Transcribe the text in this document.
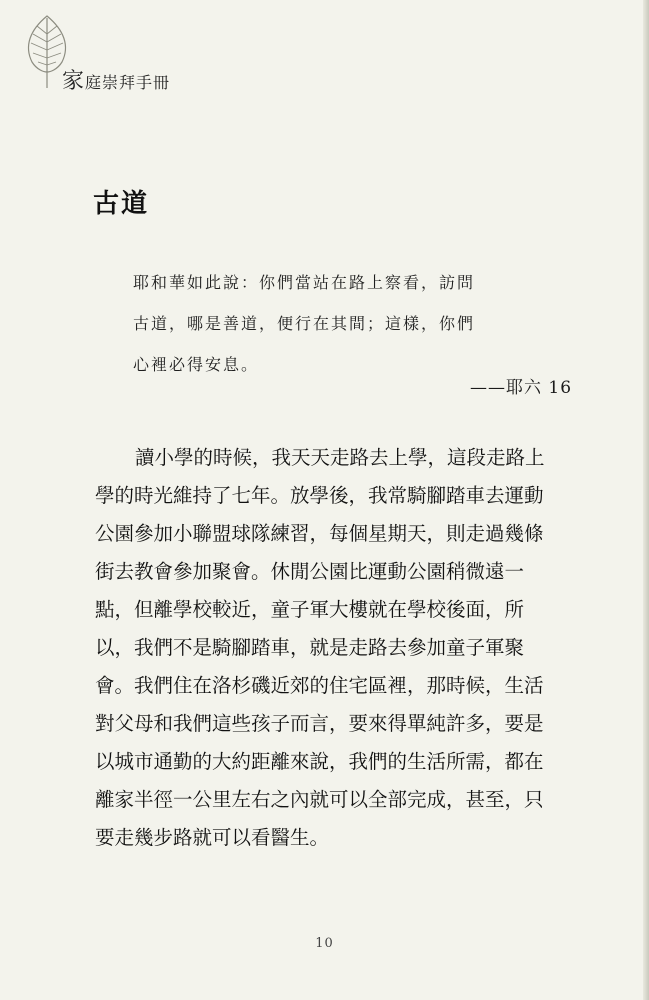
家庭崇拜手冊
古道
耶和華如此說：你們當站在路上察看，訪問
古道，哪是善道，便行在其間；這樣，你們
心裡必得安息。
——耶六 16
讀小學的時候，我天天走路去上學，這段走路上
學的時光維持了七年。放學後，我常騎腳踏車去運動
公園參加小聯盟球隊練習，每個星期天，則走過幾條
街去教會參加聚會。休閒公園比運動公園稍微遠一
點，但離學校較近，童子軍大樓就在學校後面，所
以，我們不是騎腳踏車，就是走路去參加童子軍聚
會。我們住在洛杉磯近郊的住宅區裡，那時候，生活
對父母和我們這些孩子而言，要來得單純許多，要是
以城市通勤的大約距離來說，我們的生活所需，都在
離家半徑一公里左右之內就可以全部完成，甚至，只
要走幾步路就可以看醫生。
10
